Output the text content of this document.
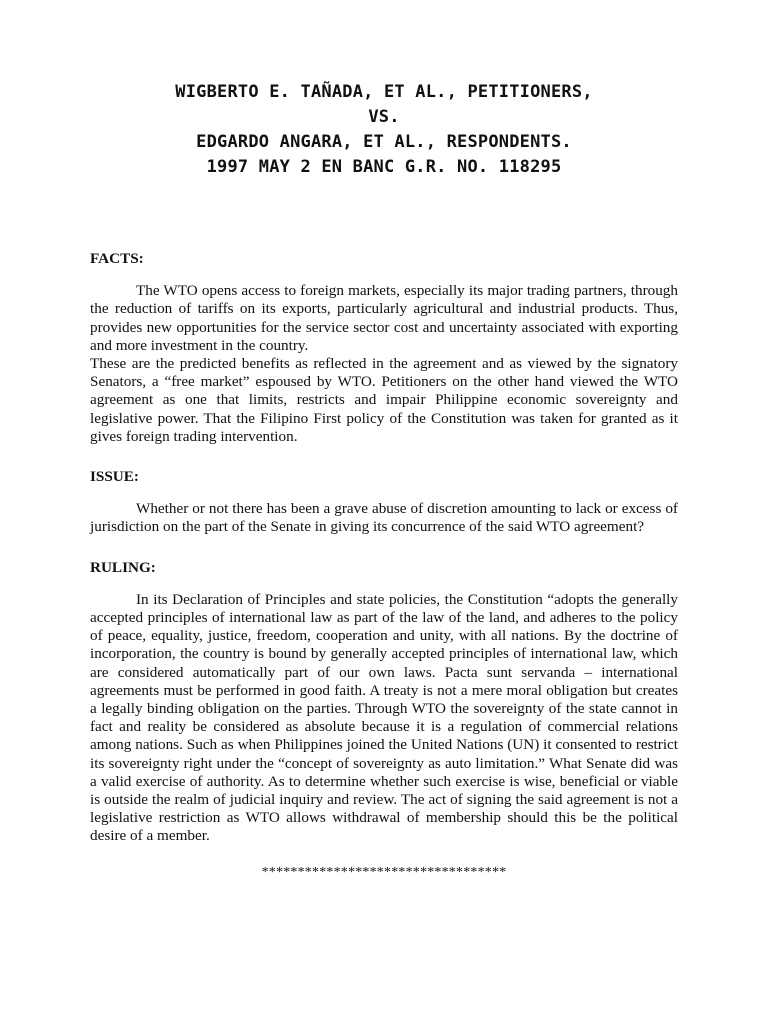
WIGBERTO E. TAÑADA, ET AL., PETITIONERS,
VS.
EDGARDO ANGARA, ET AL., RESPONDENTS.
1997 MAY 2 EN BANC G.R. NO. 118295
FACTS:

The WTO opens access to foreign markets, especially its major trading partners, through the reduction of tariffs on its exports, particularly agricultural and industrial products. Thus, provides new opportunities for the service sector cost and uncertainty associated with exporting and more investment in the country.

These are the predicted benefits as reflected in the agreement and as viewed by the signatory Senators, a “free market” espoused by WTO. Petitioners on the other hand viewed the WTO agreement as one that limits, restricts and impair Philippine economic sovereignty and legislative power. That the Filipino First policy of the Constitution was taken for granted as it gives foreign trading intervention.

ISSUE:

Whether or not there has been a grave abuse of discretion amounting to lack or excess of jurisdiction on the part of the Senate in giving its concurrence of the said WTO agreement?

RULING:

In its Declaration of Principles and state policies, the Constitution “adopts the generally accepted principles of international law as part of the law of the land, and adheres to the policy of peace, equality, justice, freedom, cooperation and unity, with all nations. By the doctrine of incorporation, the country is bound by generally accepted principles of international law, which are considered automatically part of our own laws. Pacta sunt servanda – international agreements must be performed in good faith. A treaty is not a mere moral obligation but creates a legally binding obligation on the parties. Through WTO the sovereignty of the state cannot in fact and reality be considered as absolute because it is a regulation of commercial relations among nations. Such as when Philippines joined the United Nations (UN) it consented to restrict its sovereignty right under the “concept of sovereignty as auto limitation.” What Senate did was a valid exercise of authority. As to determine whether such exercise is wise, beneficial or viable is outside the realm of judicial inquiry and review. The act of signing the said agreement is not a legislative restriction as WTO allows withdrawal of membership should this be the political desire of a member.

**********************************
